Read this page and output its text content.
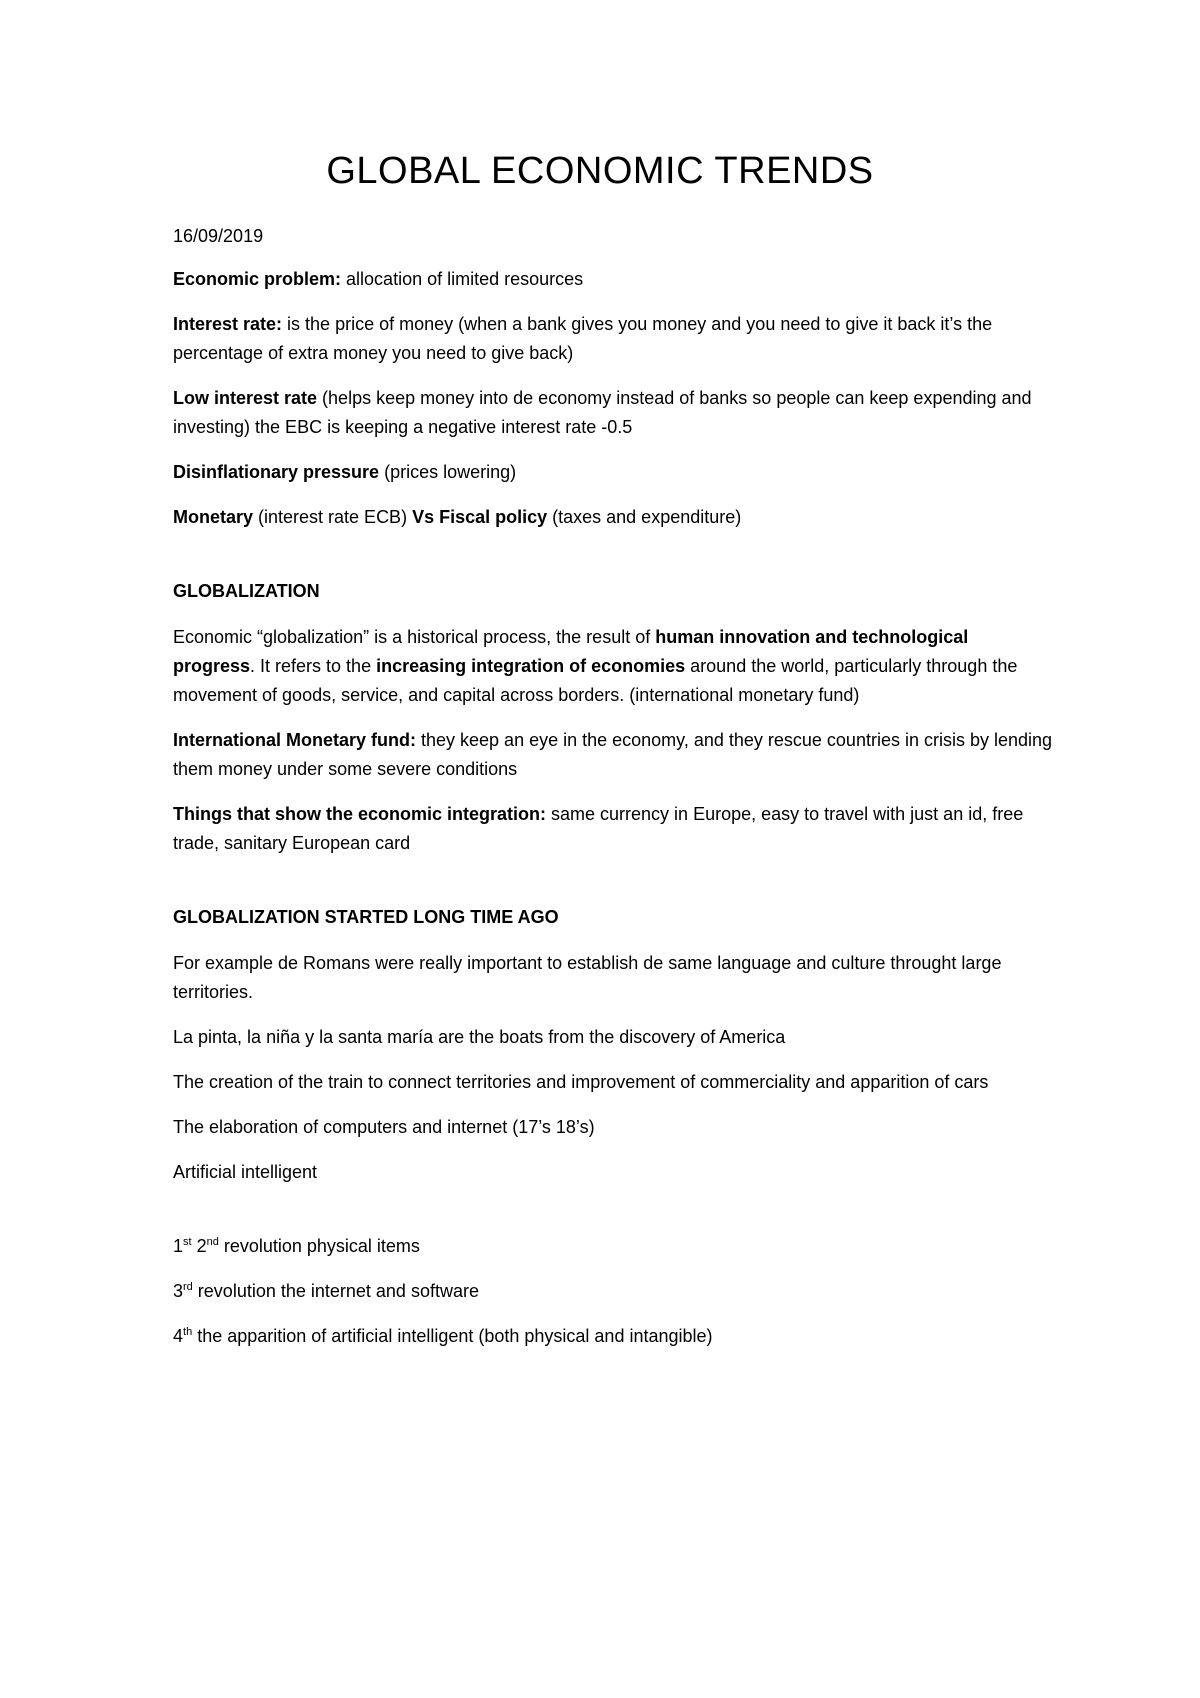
GLOBAL ECONOMIC TRENDS

16/09/2019

Economic problem: allocation of limited resources

Interest rate: is the price of money (when a bank gives you money and you need to give it back it’s the percentage of extra money you need to give back)

Low interest rate (helps keep money into de economy instead of banks so people can keep expending and investing) the EBC is keeping a negative interest rate -0.5

Disinflationary pressure (prices lowering)

Monetary (interest rate ECB) Vs Fiscal policy (taxes and expenditure)

GLOBALIZATION

Economic “globalization” is a historical process, the result of human innovation and technological progress. It refers to the increasing integration of economies around the world, particularly through the movement of goods, service, and capital across borders. (international monetary fund)

International Monetary fund: they keep an eye in the economy, and they rescue countries in crisis by lending them money under some severe conditions

Things that show the economic integration: same currency in Europe, easy to travel with just an id, free trade, sanitary European card

GLOBALIZATION STARTED LONG TIME AGO

For example de Romans were really important to establish de same language and culture throught large territories.

La pinta, la niña y la santa maría are the boats from the discovery of America

The creation of the train to connect territories and improvement of commerciality and apparition of cars

The elaboration of computers and internet (17’s 18’s)

Artificial intelligent

1st 2nd revolution physical items

3rd revolution the internet and software

4th the apparition of artificial intelligent (both physical and intangible)
